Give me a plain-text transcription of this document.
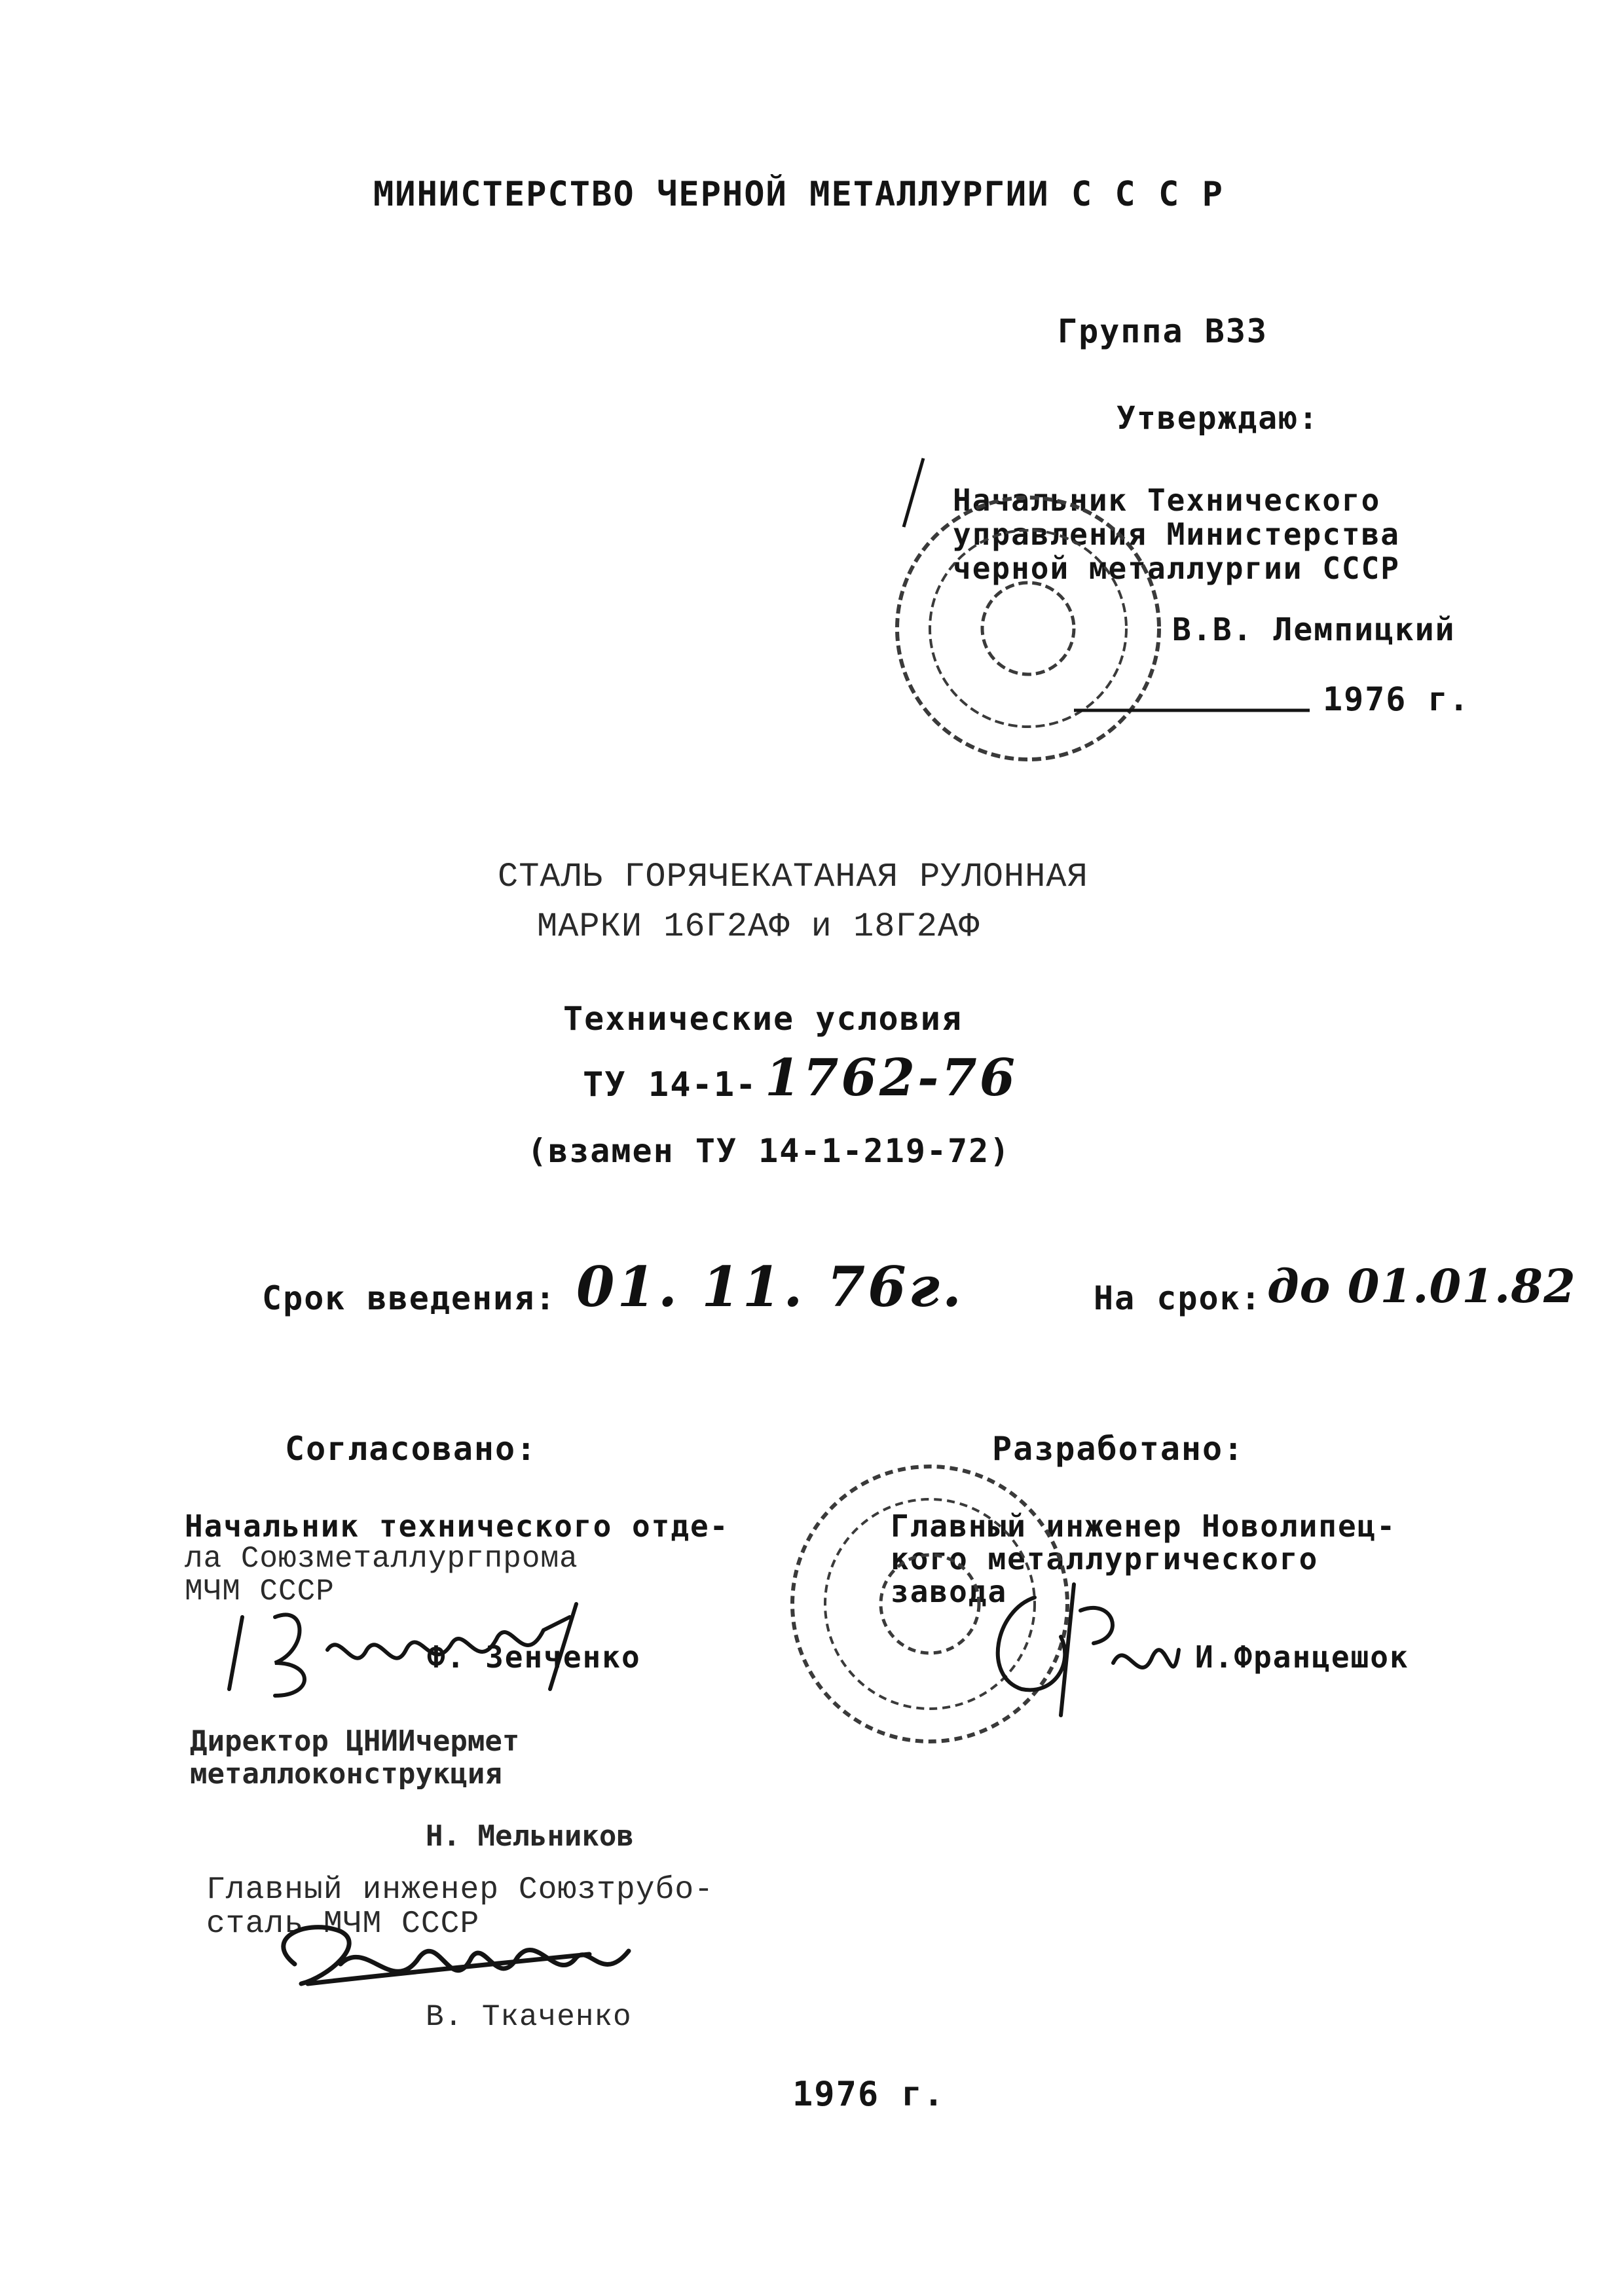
МИНИСТЕРСТВО ЧЕРНОЙ МЕТАЛЛУРГИИ С С С Р
Группа В33
Утверждаю:
Начальник Технического
управления Министерства
черной металлургии СССР
В.В. Лемпицкий
1976 г.
СТАЛЬ ГОРЯЧЕКАТАНАЯ РУЛОННАЯ
МАРКИ 16Г2АФ и 18Г2АФ
Технические условия
ТУ 14-1- 1762-76
(взамен ТУ 14-1-219-72)
Срок введения: 01. 11. 76г.	На срок: до 01.01.82
Согласовано:
Начальник технического отде-
ла Союзметаллургпрома
МЧМ СССР
Ф. Зенченко
Директор ЦНИИчермет
металлоконструкция
Н. Мельников
Главный инженер Союзтрубо-
сталь МЧМ СССР
В. Ткаченко
Разработано:
Главный инженер Новолипец-
кого металлургического
завода
И.Францешок
1976 г.
